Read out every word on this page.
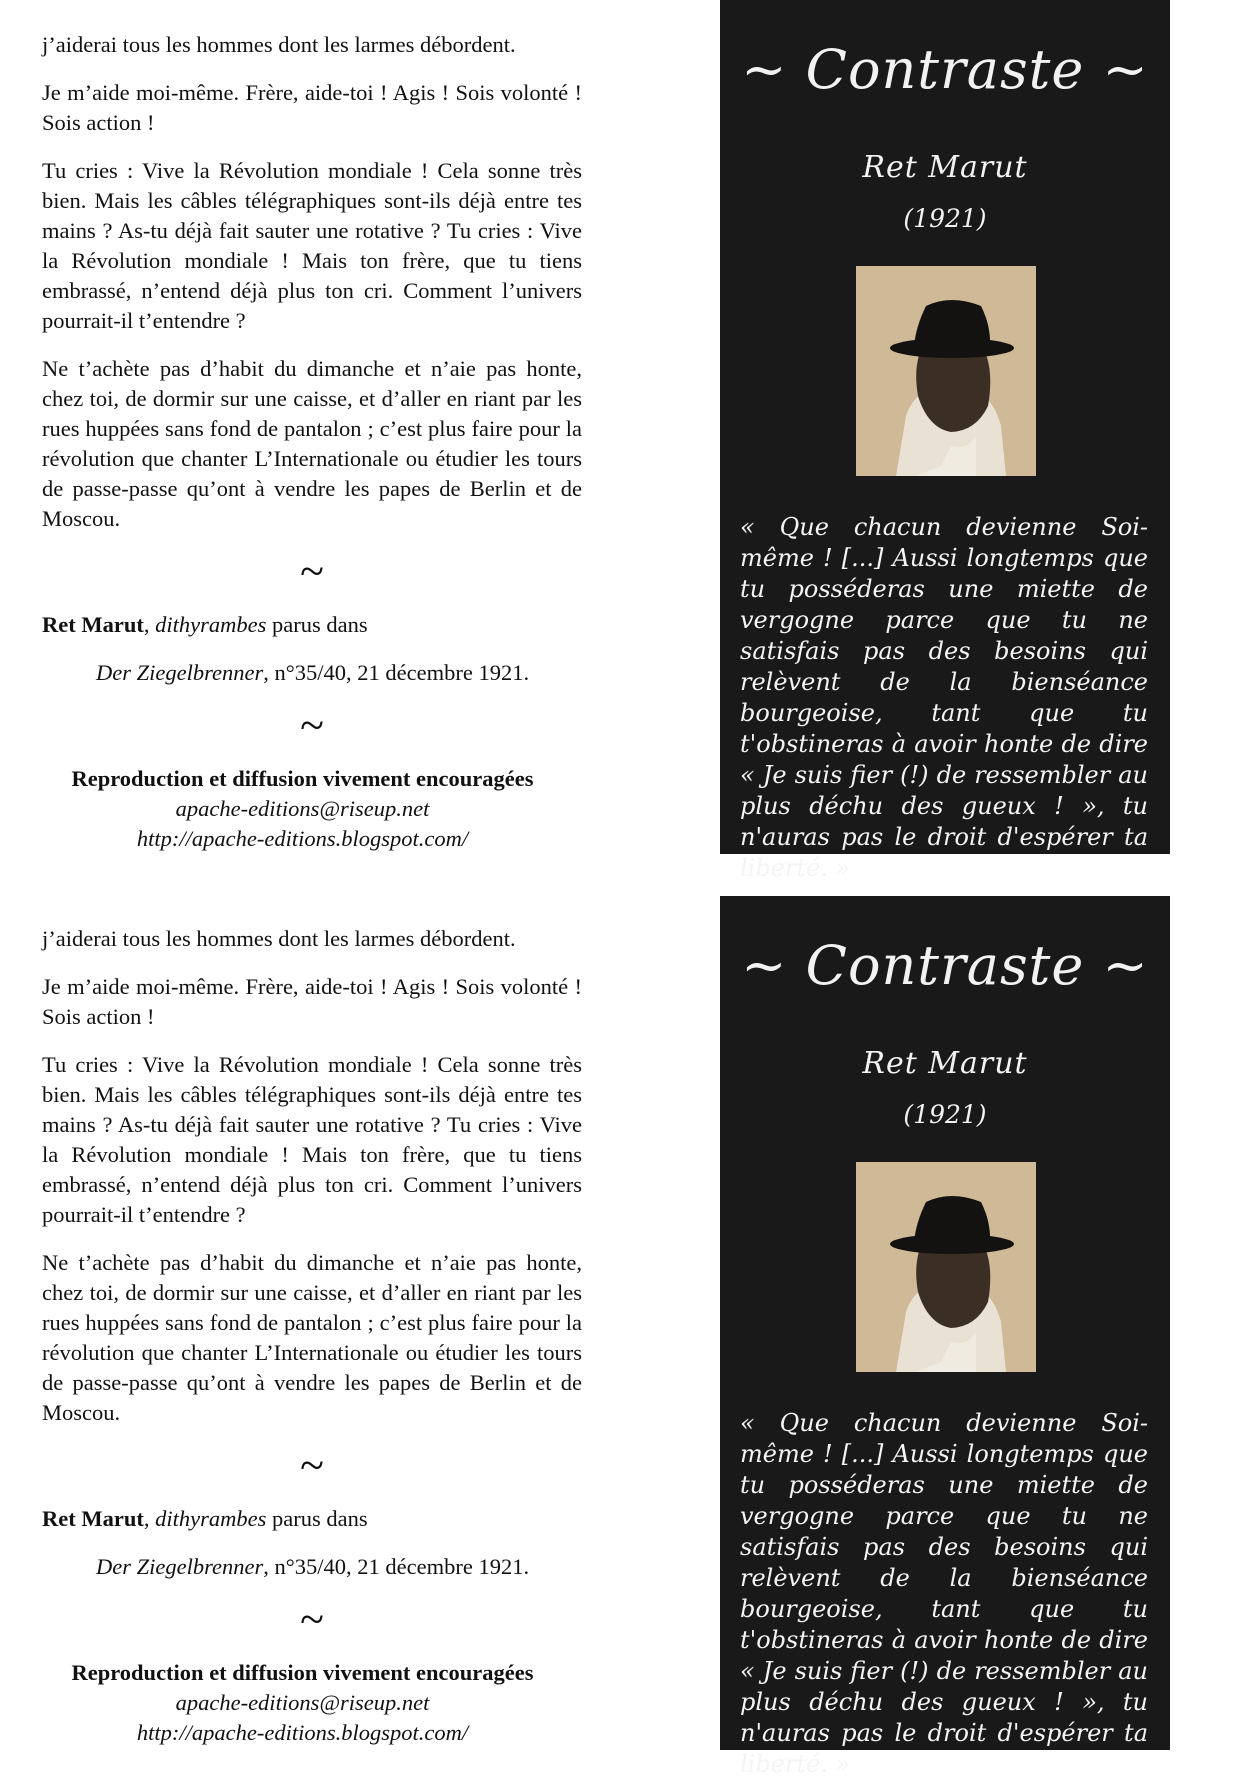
j’aiderai tous les hommes dont les larmes débordent.

Je m’aide moi-même. Frère, aide-toi ! Agis ! Sois volonté ! Sois action !

Tu cries : Vive la Révolution mondiale ! Cela sonne très bien. Mais les câbles télégraphiques sont-ils déjà entre tes mains ? As-tu déjà fait sauter une rotative ? Tu cries : Vive la Révolution mondiale ! Mais ton frère, que tu tiens embrassé, n’entend déjà plus ton cri. Comment l’univers pourrait-il t’entendre ?

Ne t’achète pas d’habit du dimanche et n’aie pas honte, chez toi, de dormir sur une caisse, et d’aller en riant par les rues huppées sans fond de pantalon ; c’est plus faire pour la révolution que chanter L’Internationale ou étudier les tours de passe-passe qu’ont à vendre les papes de Berlin et de Moscou.

~

Ret Marut, dithyrambes parus dans

Der Ziegelbrenner, n°35/40, 21 décembre 1921.

~
Reproduction et diffusion vivement encouragées
apache-editions@riseup.net
http://apache-editions.blogspot.com/
~ Contraste ~
Ret Marut
(1921)
« Que chacun devienne Soi-même ! [...] Aussi longtemps que tu posséderas une miette de vergogne parce que tu ne satisfais pas des besoins qui relèvent de la bienséance bourgeoise, tant que tu t'obstineras à avoir honte de dire « Je suis fier (!) de ressembler au plus déchu des gueux ! », tu n'auras pas le droit d'espérer ta liberté. »

j’aiderai tous les hommes dont les larmes débordent.

Je m’aide moi-même. Frère, aide-toi ! Agis ! Sois volonté ! Sois action !

Tu cries : Vive la Révolution mondiale ! Cela sonne très bien. Mais les câbles télégraphiques sont-ils déjà entre tes mains ? As-tu déjà fait sauter une rotative ? Tu cries : Vive la Révolution mondiale ! Mais ton frère, que tu tiens embrassé, n’entend déjà plus ton cri. Comment l’univers pourrait-il t’entendre ?

Ne t’achète pas d’habit du dimanche et n’aie pas honte, chez toi, de dormir sur une caisse, et d’aller en riant par les rues huppées sans fond de pantalon ; c’est plus faire pour la révolution que chanter L’Internationale ou étudier les tours de passe-passe qu’ont à vendre les papes de Berlin et de Moscou.

~

Ret Marut, dithyrambes parus dans

Der Ziegelbrenner, n°35/40, 21 décembre 1921.

~
Reproduction et diffusion vivement encouragées
apache-editions@riseup.net
http://apache-editions.blogspot.com/
~ Contraste ~
Ret Marut
(1921)
« Que chacun devienne Soi-même ! [...] Aussi longtemps que tu posséderas une miette de vergogne parce que tu ne satisfais pas des besoins qui relèvent de la bienséance bourgeoise, tant que tu t'obstineras à avoir honte de dire « Je suis fier (!) de ressembler au plus déchu des gueux ! », tu n'auras pas le droit d'espérer ta liberté. »
